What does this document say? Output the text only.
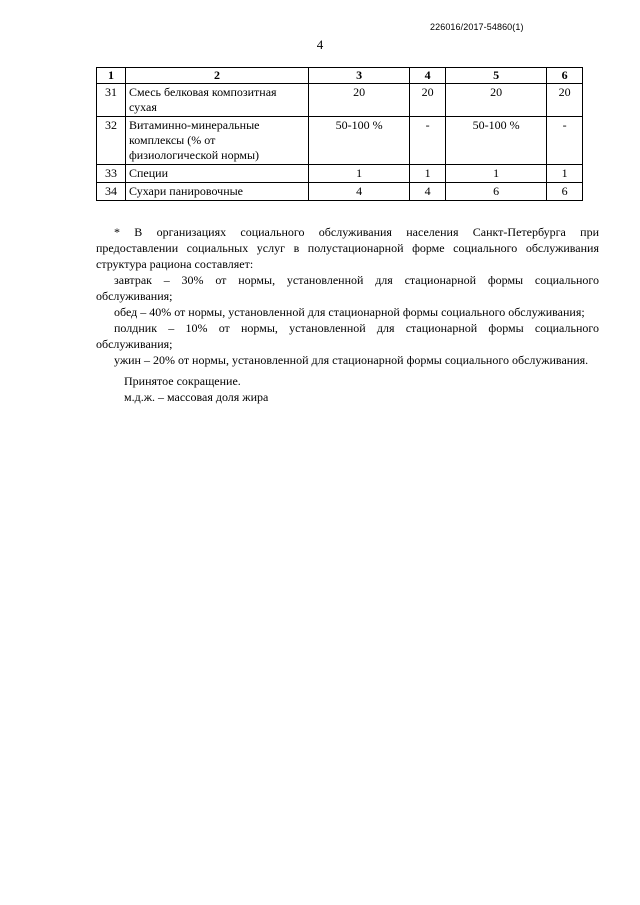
226016/2017-54860(1)
4
1	2	3	4	5	6
31	Смесь белковая композитная сухая	20	20	20	20
32	Витаминно-минеральные комплексы (% от физиологической нормы)	50-100 %	-	50-100 %	-
33	Специи	1	1	1	1
34	Сухари панировочные	4	4	6	6

* В организациях социального обслуживания населения Санкт-Петербурга при предоставлении социальных услуг в полустационарной форме социального обслуживания структура рациона составляет:

завтрак – 30% от нормы, установленной для стационарной формы социального обслуживания;

обед – 40% от нормы, установленной для стационарной формы социального обслуживания;

полдник – 10% от нормы, установленной для стационарной формы социального обслуживания;

ужин – 20% от нормы, установленной для стационарной формы социального обслуживания.

Принятое сокращение.

м.д.ж. – массовая доля жира
